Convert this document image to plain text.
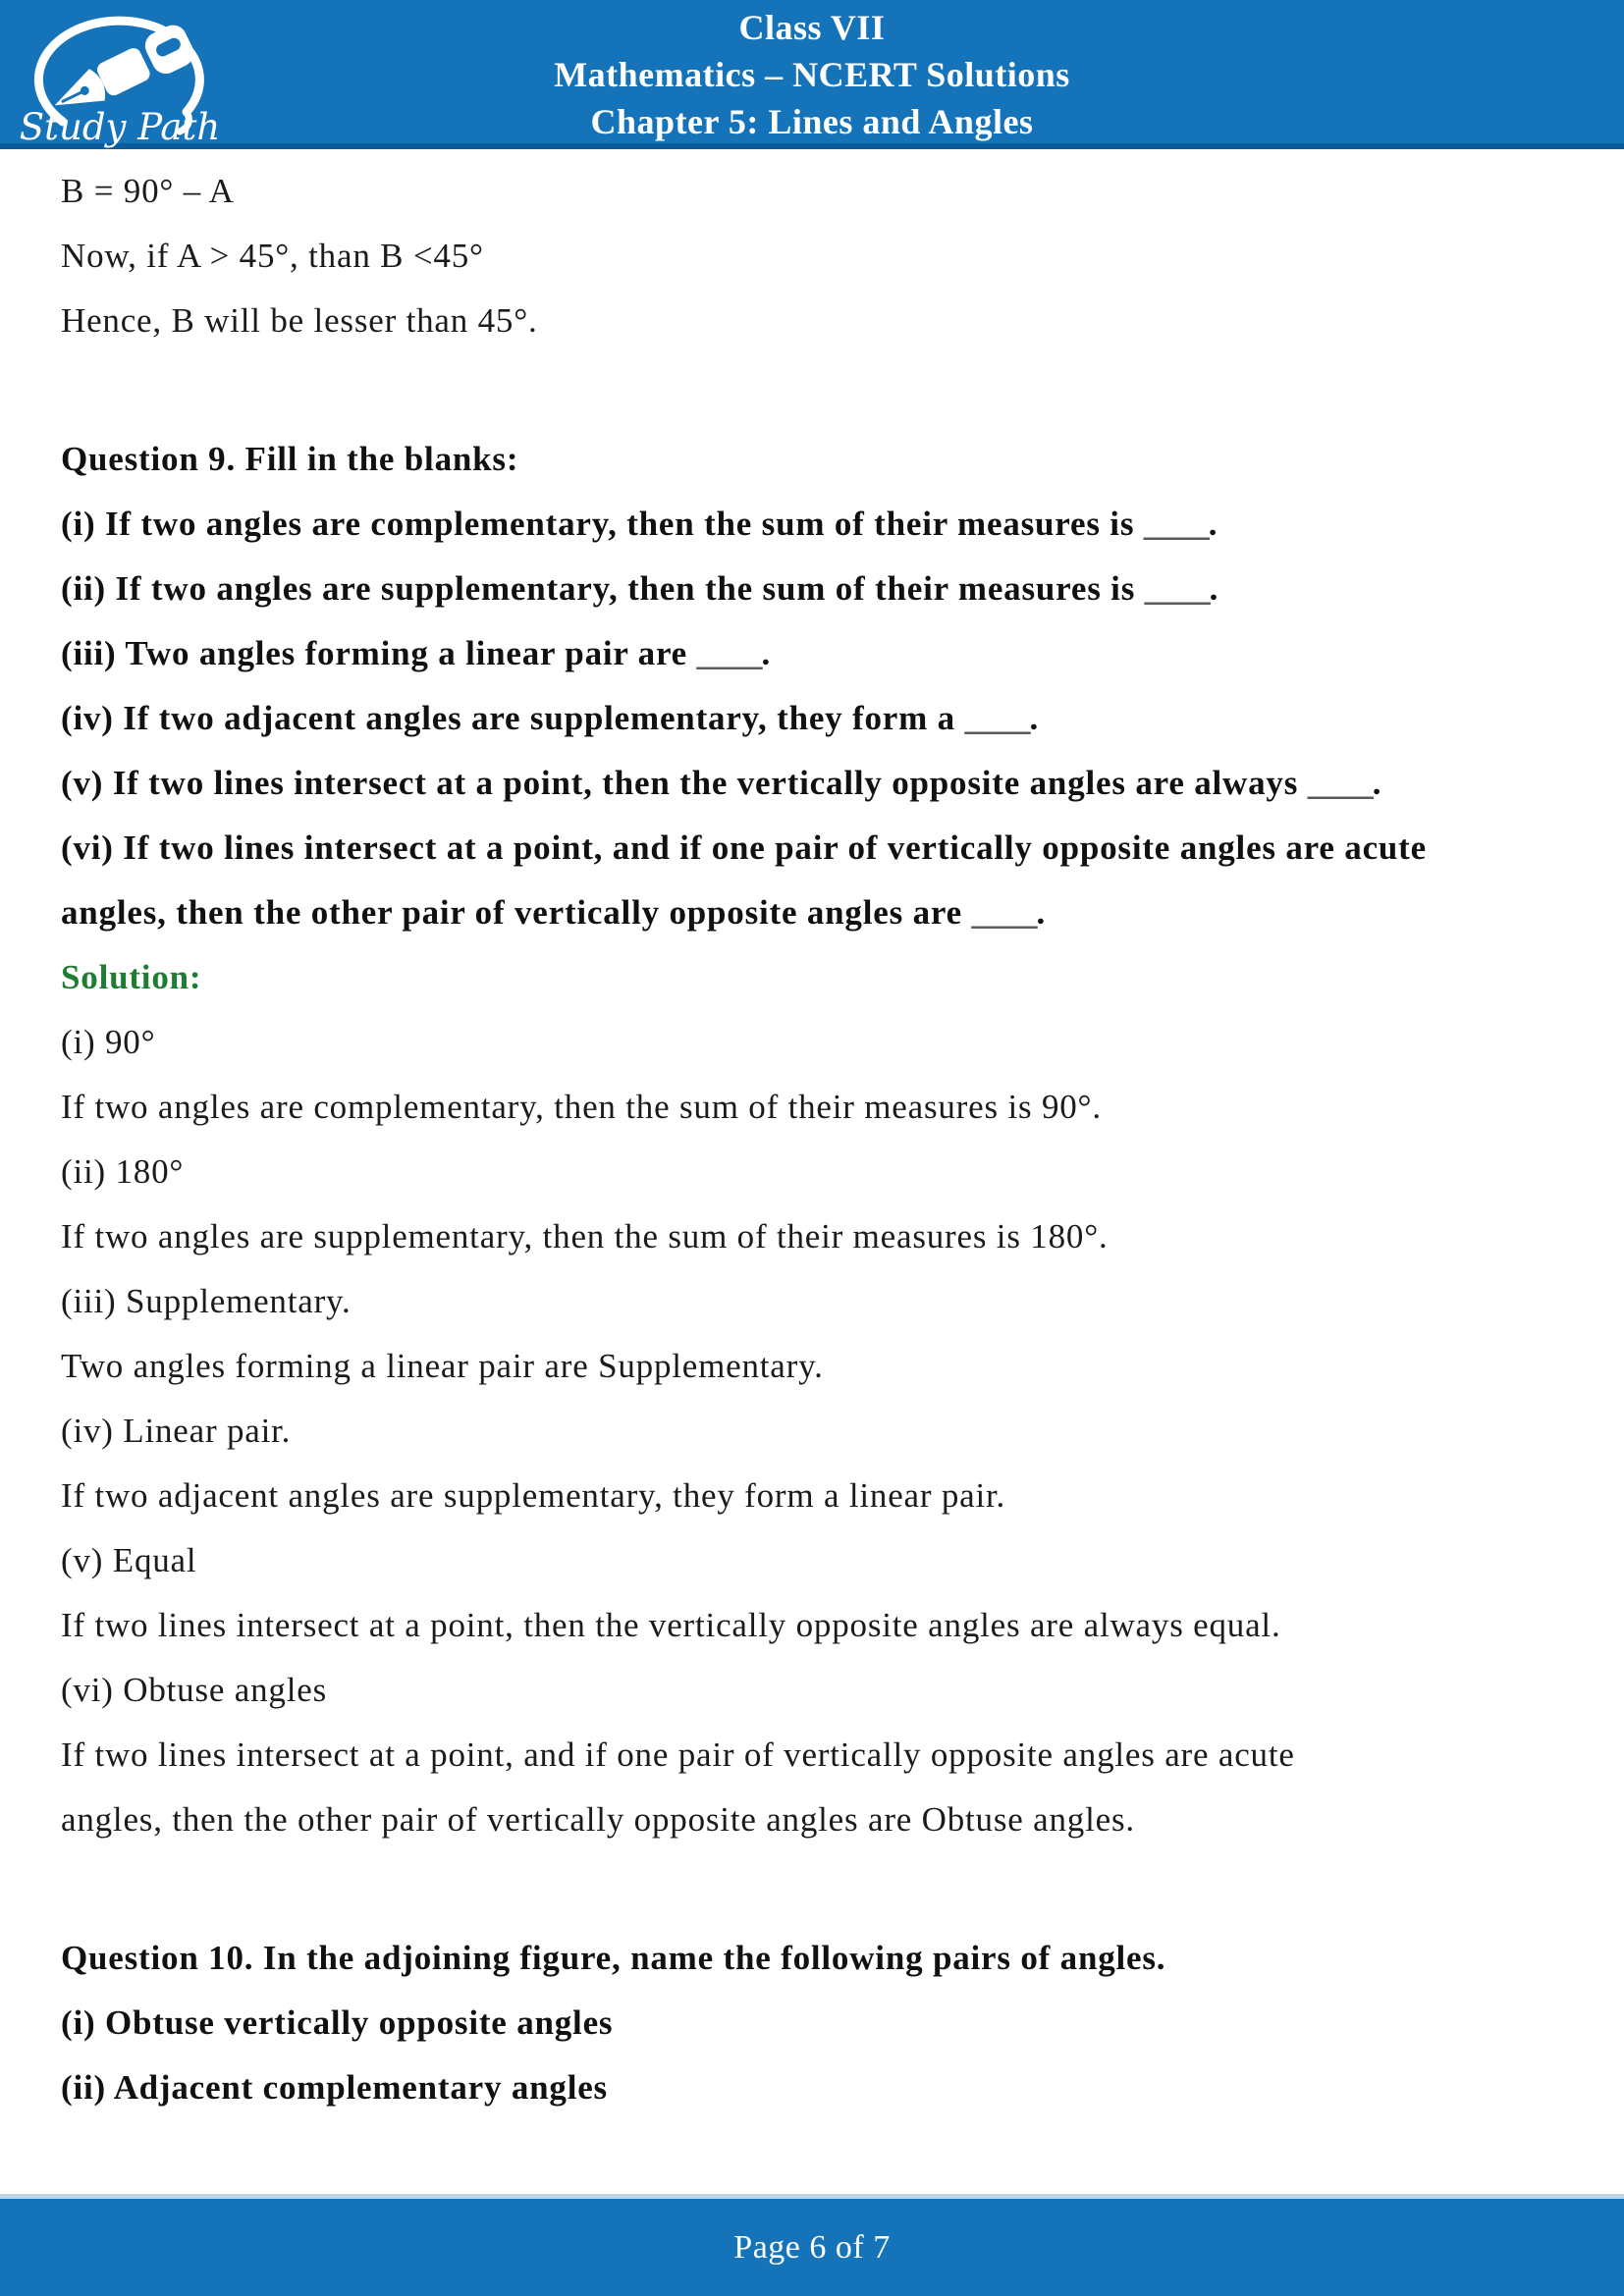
Study Path
Class VII
Mathematics – NCERT Solutions
Chapter 5: Lines and Angles

B = 90° – A

Now, if A > 45°, than B <45°

Hence, B will be lesser than 45°.

Question 9. Fill in the blanks:

(i) If two angles are complementary, then the sum of their measures is ____.

(ii) If two angles are supplementary, then the sum of their measures is ____.

(iii) Two angles forming a linear pair are ____.

(iv) If two adjacent angles are supplementary, they form a ____.

(v) If two lines intersect at a point, then the vertically opposite angles are always ____.

(vi) If two lines intersect at a point, and if one pair of vertically opposite angles are acute

angles, then the other pair of vertically opposite angles are ____.

Solution:

(i) 90°

If two angles are complementary, then the sum of their measures is 90°.

(ii) 180°

If two angles are supplementary, then the sum of their measures is 180°.

(iii) Supplementary.

Two angles forming a linear pair are Supplementary.

(iv) Linear pair.

If two adjacent angles are supplementary, they form a linear pair.

(v) Equal

If two lines intersect at a point, then the vertically opposite angles are always equal.

(vi) Obtuse angles

If two lines intersect at a point, and if one pair of vertically opposite angles are acute

angles, then the other pair of vertically opposite angles are Obtuse angles.

Question 10. In the adjoining figure, name the following pairs of angles.

(i) Obtuse vertically opposite angles

(ii) Adjacent complementary angles

Page 6 of 7
